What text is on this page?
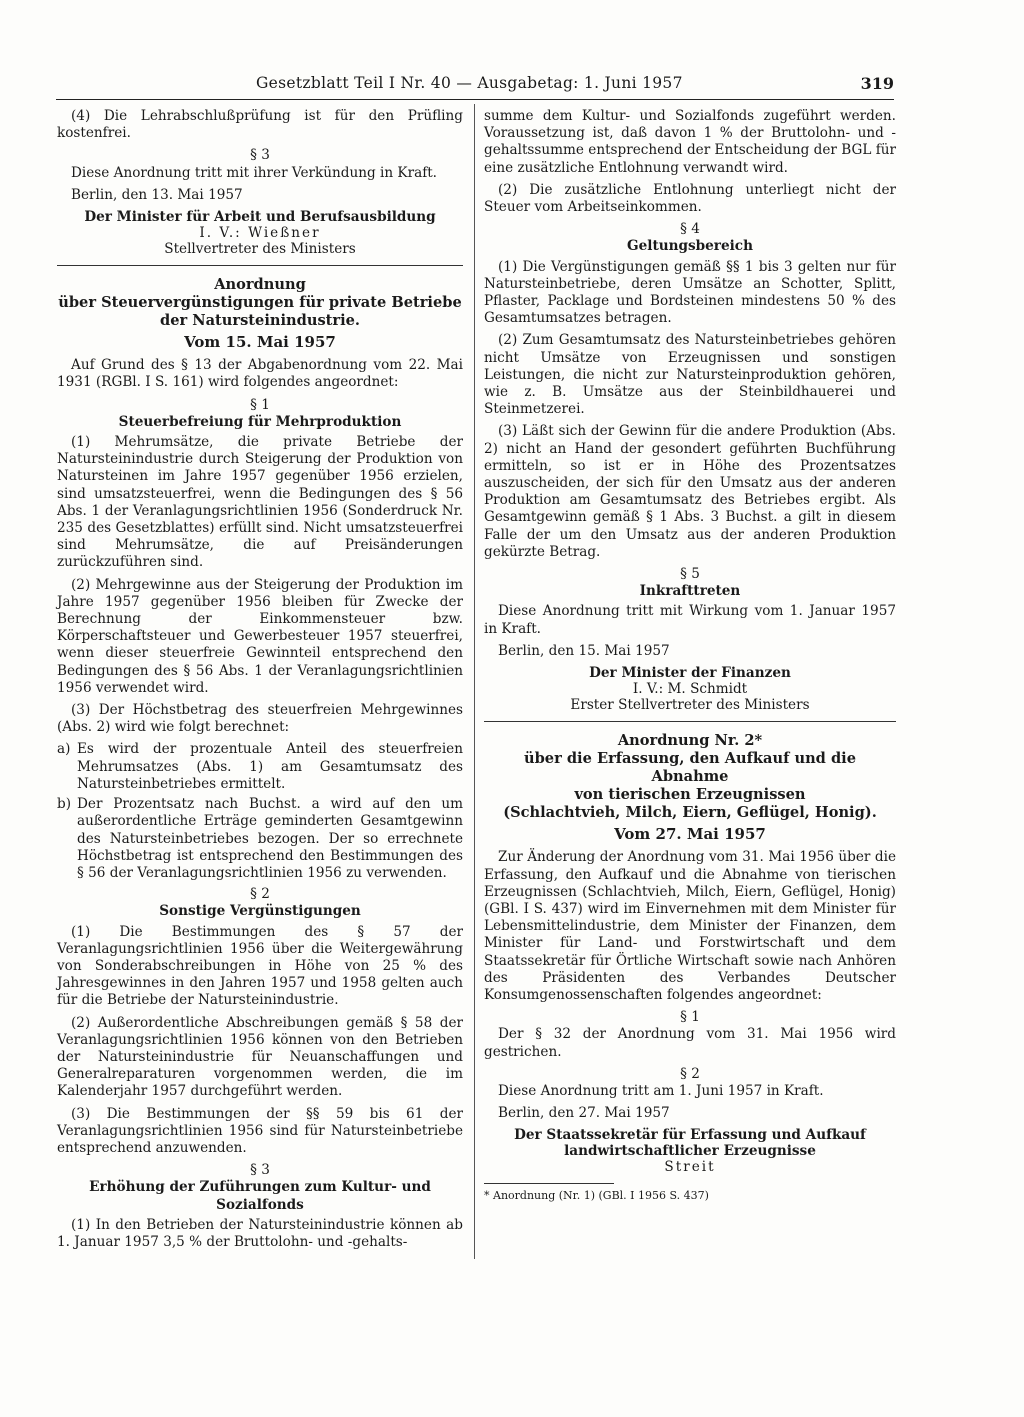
Gesetzblatt Teil I Nr. 40 — Ausgabetag: 1. Juni 1957	319

(4) Die Lehrabschlußprüfung ist für den Prüfling kostenfrei.

§ 3

Diese Anordnung tritt mit ihrer Verkündung in Kraft.

Berlin, den 13. Mai 1957

Der Minister für Arbeit und Berufsausbildung

I. V.: Wießner

Stellvertreter des Ministers

Anordnung

über Steuervergünstigungen für private Betriebe

der Natursteinindustrie.

Vom 15. Mai 1957

Auf Grund des § 13 der Abgabenordnung vom 22. Mai 1931 (RGBl. I S. 161) wird folgendes angeordnet:

§ 1

Steuerbefreiung für Mehrproduktion

(1) Mehrumsätze, die private Betriebe der Natursteinindustrie durch Steigerung der Produktion von Natursteinen im Jahre 1957 gegenüber 1956 erzielen, sind umsatzsteuerfrei, wenn die Bedingungen des § 56 Abs. 1 der Veranlagungsrichtlinien 1956 (Sonderdruck Nr. 235 des Gesetzblattes) erfüllt sind. Nicht umsatzsteuerfrei sind Mehrumsätze, die auf Preisänderungen zurückzuführen sind.

(2) Mehrgewinne aus der Steigerung der Produktion im Jahre 1957 gegenüber 1956 bleiben für Zwecke der Berechnung der Einkommensteuer bzw. Körperschaftsteuer und Gewerbesteuer 1957 steuerfrei, wenn dieser steuerfreie Gewinnteil entsprechend den Bedingungen des § 56 Abs. 1 der Veranlagungsrichtlinien 1956 verwendet wird.

(3) Der Höchstbetrag des steuerfreien Mehrgewinnes (Abs. 2) wird wie folgt berechnet:

a) Es wird der prozentuale Anteil des steuerfreien Mehrumsatzes (Abs. 1) am Gesamtumsatz des Natursteinbetriebes ermittelt.
b) Der Prozentsatz nach Buchst. a wird auf den um außerordentliche Erträge geminderten Gesamtgewinn des Natursteinbetriebes bezogen. Der so errechnete Höchstbetrag ist entsprechend den Bestimmungen des § 56 der Veranlagungsrichtlinien 1956 zu verwenden.

§ 2

Sonstige Vergünstigungen

(1) Die Bestimmungen des § 57 der Veranlagungsrichtlinien 1956 über die Weitergewährung von Sonderabschreibungen in Höhe von 25 % des Jahresgewinnes in den Jahren 1957 und 1958 gelten auch für die Betriebe der Natursteinindustrie.

(2) Außerordentliche Abschreibungen gemäß § 58 der Veranlagungsrichtlinien 1956 können von den Betrieben der Natursteinindustrie für Neuanschaffungen und Generalreparaturen vorgenommen werden, die im Kalenderjahr 1957 durchgeführt werden.

(3) Die Bestimmungen der §§ 59 bis 61 der Veranlagungsrichtlinien 1956 sind für Natursteinbetriebe entsprechend anzuwenden.

§ 3

Erhöhung der Zuführungen zum Kultur- und Sozialfonds

(1) In den Betrieben der Natursteinindustrie können ab 1. Januar 1957 3,5 % der Bruttolohn- und -gehalts-

summe dem Kultur- und Sozialfonds zugeführt werden. Voraussetzung ist, daß davon 1 % der Bruttolohn- und -gehaltssumme entsprechend der Entscheidung der BGL für eine zusätzliche Entlohnung verwandt wird.

(2) Die zusätzliche Entlohnung unterliegt nicht der Steuer vom Arbeitseinkommen.

§ 4

Geltungsbereich

(1) Die Vergünstigungen gemäß §§ 1 bis 3 gelten nur für Natursteinbetriebe, deren Umsätze an Schotter, Splitt, Pflaster, Packlage und Bordsteinen mindestens 50 % des Gesamtumsatzes betragen.

(2) Zum Gesamtumsatz des Natursteinbetriebes gehören nicht Umsätze von Erzeugnissen und sonstigen Leistungen, die nicht zur Natursteinproduktion gehören, wie z. B. Umsätze aus der Steinbildhauerei und Steinmetzerei.

(3) Läßt sich der Gewinn für die andere Produktion (Abs. 2) nicht an Hand der gesondert geführten Buchführung ermitteln, so ist er in Höhe des Prozentsatzes auszuscheiden, der sich für den Umsatz aus der anderen Produktion am Gesamtumsatz des Betriebes ergibt. Als Gesamtgewinn gemäß § 1 Abs. 3 Buchst. a gilt in diesem Falle der um den Umsatz aus der anderen Produktion gekürzte Betrag.

§ 5

Inkrafttreten

Diese Anordnung tritt mit Wirkung vom 1. Januar 1957 in Kraft.

Berlin, den 15. Mai 1957

Der Minister der Finanzen

I. V.: M. Schmidt

Erster Stellvertreter des Ministers

Anordnung Nr. 2*

über die Erfassung, den Aufkauf und die Abnahme

von tierischen Erzeugnissen

(Schlachtvieh, Milch, Eiern, Geflügel, Honig).

Vom 27. Mai 1957

Zur Änderung der Anordnung vom 31. Mai 1956 über die Erfassung, den Aufkauf und die Abnahme von tierischen Erzeugnissen (Schlachtvieh, Milch, Eiern, Geflügel, Honig) (GBl. I S. 437) wird im Einvernehmen mit dem Minister für Lebensmittelindustrie, dem Minister der Finanzen, dem Minister für Land- und Forstwirtschaft und dem Staatssekretär für Örtliche Wirtschaft sowie nach Anhören des Präsidenten des Verbandes Deutscher Konsumgenossenschaften folgendes angeordnet:

§ 1

Der § 32 der Anordnung vom 31. Mai 1956 wird gestrichen.

§ 2

Diese Anordnung tritt am 1. Juni 1957 in Kraft.

Berlin, den 27. Mai 1957

Der Staatssekretär für Erfassung und Aufkauf

landwirtschaftlicher Erzeugnisse

Streit

* Anordnung (Nr. 1) (GBl. I 1956 S. 437)
